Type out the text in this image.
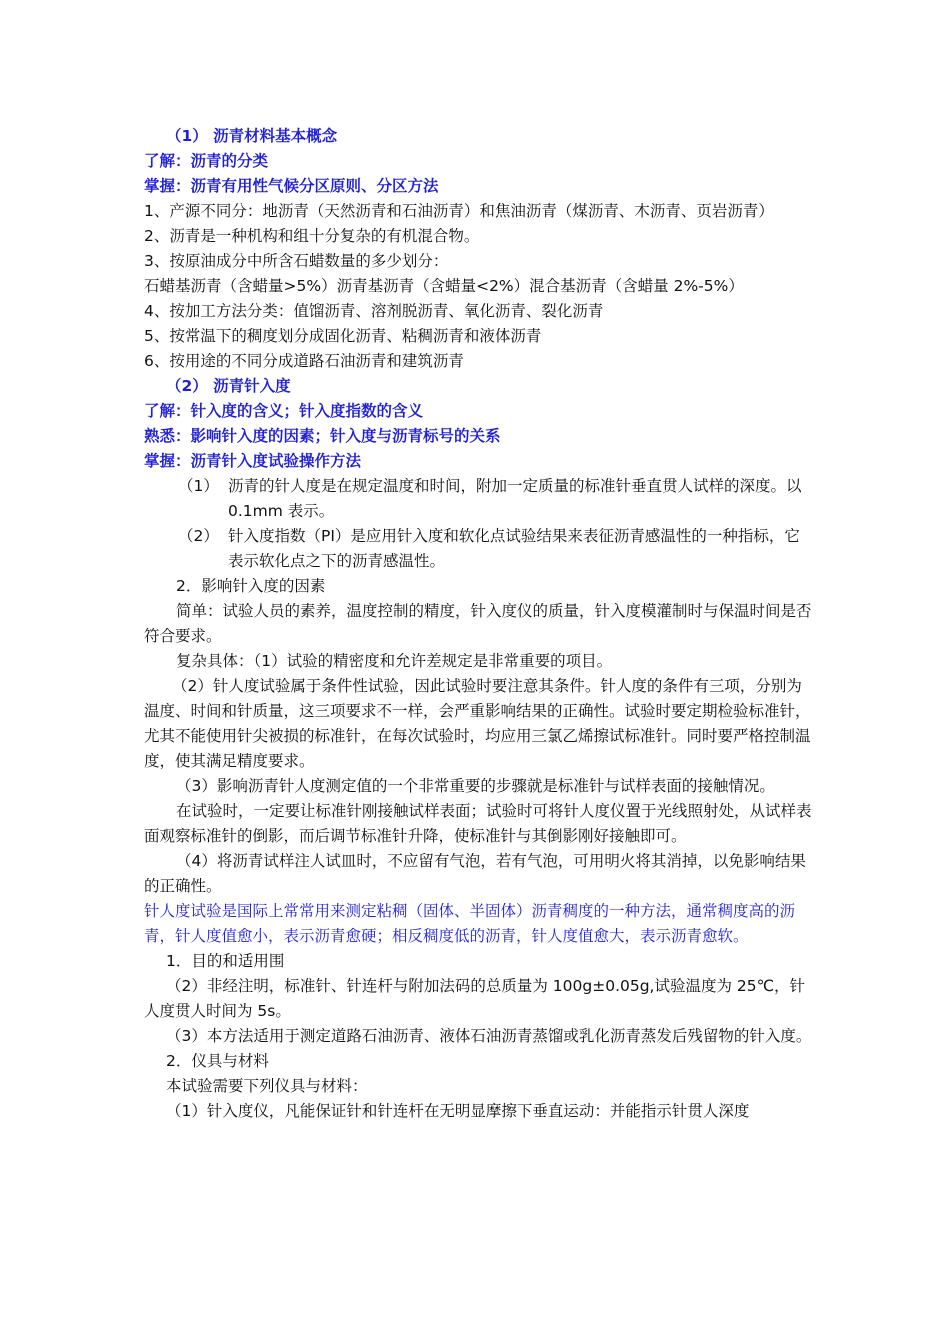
（1） 沥青材料基本概念

了解：沥青的分类

掌握：沥青有用性气候分区原则、分区方法

1、产源不同分：地沥青（天然沥青和石油沥青）和焦油沥青（煤沥青、木沥青、页岩沥青）

2、沥青是一种机构和组十分复杂的有机混合物。

3、按原油成分中所含石蜡数量的多少划分：

石蜡基沥青（含蜡量>5%）沥青基沥青（含蜡量<2%）混合基沥青（含蜡量 2%-5%）

4、按加工方法分类：值馏沥青、溶剂脱沥青、氧化沥青、裂化沥青

5、按常温下的稠度划分成固化沥青、粘稠沥青和液体沥青

6、按用途的不同分成道路石油沥青和建筑沥青

（2） 沥青针入度

了解：针入度的含义；针入度指数的含义

熟悉：影响针入度的因素；针入度与沥青标号的关系

掌握：沥青针入度试验操作方法

（1） 沥青的针人度是在规定温度和时间，附加一定质量的标准针垂直贯人试样的深度。以 0.1mm 表示。
（2） 针入度指数（PI）是应用针入度和软化点试验结果来表征沥青感温性的一种指标，它表示软化点之下的沥青感温性。

2．影响针入度的因素

简单：试验人员的素养，温度控制的精度，针入度仪的质量，针入度模灌制时与保温时间是否符合要求。

复杂具体：（1）试验的精密度和允许差规定是非常重要的项目。

（2）针人度试验属于条件性试验，因此试验时要注意其条件。针人度的条件有三项，分别为温度、时间和针质量，这三项要求不一样，会严重影响结果的正确性。试验时要定期检验标准针，尤其不能使用针尖被损的标准针，在每次试验时，均应用三氯乙烯擦试标准针。同时要严格控制温度，使其满足精度要求。

（3）影响沥青针人度测定值的一个非常重要的步骤就是标准针与试样表面的接触情况。

在试验时，一定要让标准针刚接触试样表面；试验时可将针人度仪置于光线照射处，从试样表面观察标准针的倒影，而后调节标准针升降，使标准针与其倒影刚好接触即可。

（4）将沥青试样注人试皿时，不应留有气泡，若有气泡，可用明火将其消掉，以免影响结果的正确性。

针人度试验是国际上常常用来测定粘稠（固体、半固体）沥青稠度的一种方法，通常稠度高的沥青，针人度值愈小，表示沥青愈硬；相反稠度低的沥青，针人度值愈大，表示沥青愈软。

1．目的和适用围

（2）非经注明，标准针、针连杆与附加法码的总质量为 100g±0.05g,试验温度为 25℃，针人度贯人时间为 5s。

（3）本方法适用于测定道路石油沥青、液体石油沥青蒸馏或乳化沥青蒸发后残留物的针入度。

2．仪具与材料

本试验需要下列仪具与材料：

（1）针入度仪，凡能保证针和针连杆在无明显摩擦下垂直运动：并能指示针贯人深度
